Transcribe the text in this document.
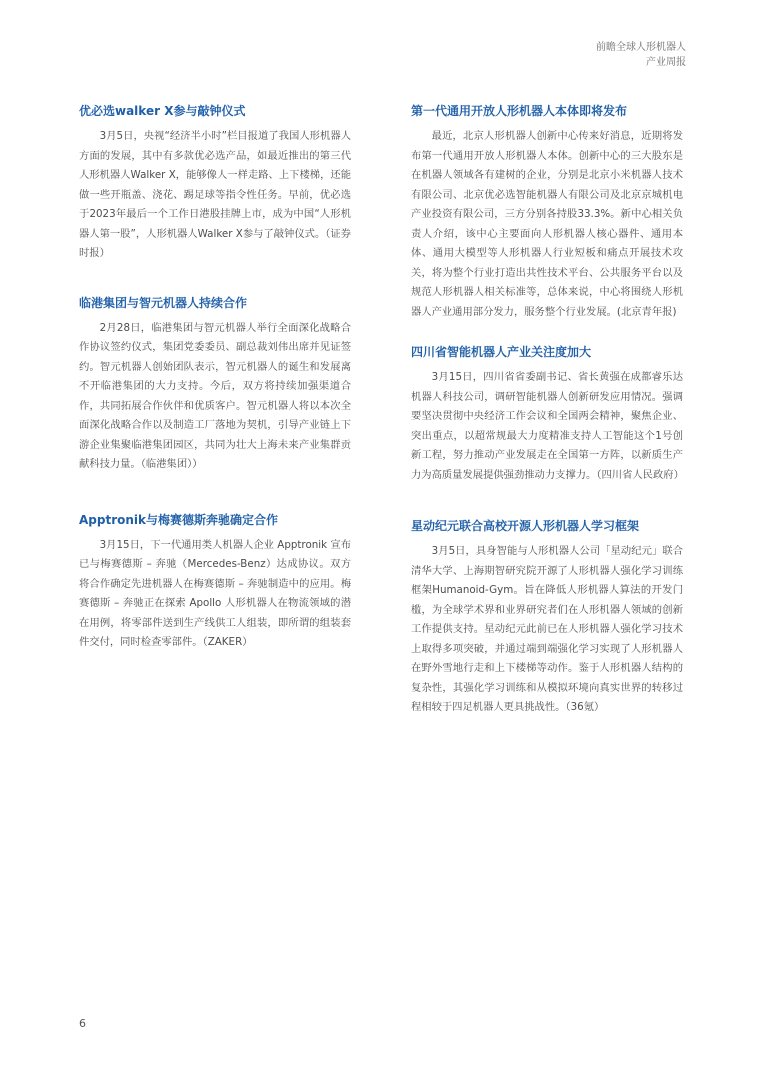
前瞻全球人形机器人
产业周报
优必选walker X参与敲钟仪式

3月5日，央视“经济半小时”栏目报道了我国人形机器人方面的发展，其中有多款优必选产品，如最近推出的第三代人形机器人Walker X，能够像人一样走路、上下楼梯，还能做一些开瓶盖、浇花、踢足球等指令性任务。早前，优必选于2023年最后一个工作日港股挂牌上市，成为中国“人形机器人第一股”，人形机器人Walker X参与了敲钟仪式。（证券时报）

临港集团与智元机器人持续合作

2月28日，临港集团与智元机器人举行全面深化战略合作协议签约仪式，集团党委委员、副总裁刘伟出席并见证签约。智元机器人创始团队表示，智元机器人的诞生和发展离不开临港集团的大力支持。今后，双方将持续加强渠道合作，共同拓展合作伙伴和优质客户。智元机器人将以本次全面深化战略合作以及制造工厂落地为契机，引导产业链上下游企业集聚临港集团园区，共同为壮大上海未来产业集群贡献科技力量。（临港集团））

Apptronik与梅赛德斯奔驰确定合作

3月15日，下一代通用类人机器人企业 Apptronik 宣布已与梅赛德斯 – 奔驰（Mercedes-Benz）达成协议。双方将合作确定先进机器人在梅赛德斯 – 奔驰制造中的应用。梅赛德斯 – 奔驰正在探索 Apollo 人形机器人在物流领域的潜在用例，将零部件送到生产线供工人组装，即所谓的组装套件交付，同时检查零部件。（ZAKER）

第一代通用开放人形机器人本体即将发布

最近，北京人形机器人创新中心传来好消息，近期将发布第一代通用开放人形机器人本体。创新中心的三大股东是在机器人领域各有建树的企业，分别是北京小米机器人技术有限公司、北京优必选智能机器人有限公司及北京京城机电产业投资有限公司，三方分别各持股33.3%。新中心相关负责人介绍，该中心主要面向人形机器人核心器件、通用本体、通用大模型等人形机器人行业短板和痛点开展技术攻关，将为整个行业打造出共性技术平台、公共服务平台以及规范人形机器人相关标准等，总体来说，中心将围绕人形机器人产业通用部分发力，服务整个行业发展。(北京青年报)

四川省智能机器人产业关注度加大

3月15日，四川省省委副书记、省长黄强在成都睿乐达机器人科技公司，调研智能机器人创新研发应用情况。强调要坚决贯彻中央经济工作会议和全国两会精神，聚焦企业、突出重点，以超常规最大力度精准支持人工智能这个1号创新工程，努力推动产业发展走在全国第一方阵，以新质生产力为高质量发展提供强劲推动力支撑力。（四川省人民政府）

星动纪元联合高校开源人形机器人学习框架

3月5日，具身智能与人形机器人公司「星动纪元」联合清华大学、上海期智研究院开源了人形机器人强化学习训练框架Humanoid-Gym。旨在降低人形机器人算法的开发门槛，为全球学术界和业界研究者们在人形机器人领域的创新工作提供支持。星动纪元此前已在人形机器人强化学习技术上取得多项突破，并通过端到端强化学习实现了人形机器人在野外雪地行走和上下楼梯等动作。鉴于人形机器人结构的复杂性，其强化学习训练和从模拟环境向真实世界的转移过程相较于四足机器人更具挑战性。（36氪）

6
